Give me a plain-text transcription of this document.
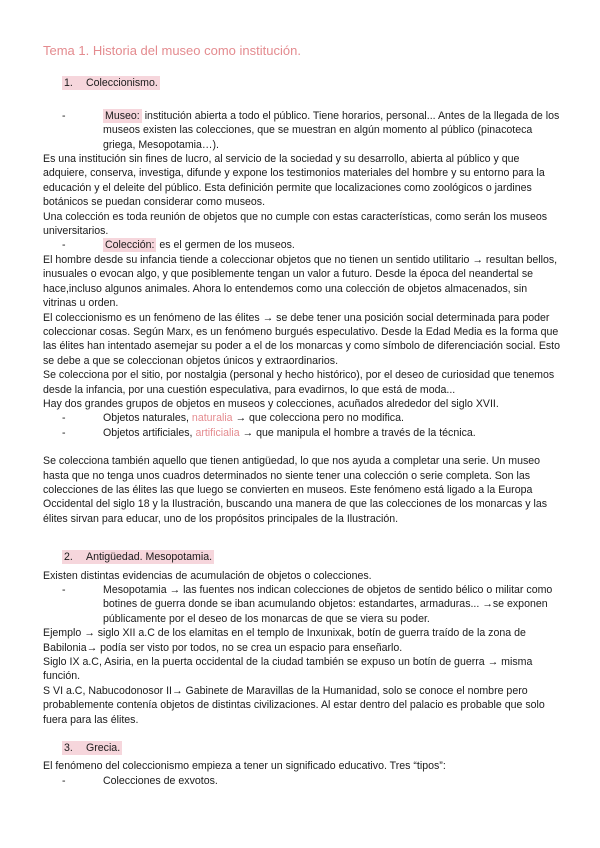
Tema 1. Historia del museo como institución.
1. Coleccionismo.
-	Museo: institución abierta a todo el público. Tiene horarios, personal... Antes de la llegada de los museos existen las colecciones, que se muestran en algún momento al público (pinacoteca griega, Mesopotamia…).

Es una institución sin fines de lucro, al servicio de la sociedad y su desarrollo, abierta al público y que adquiere, conserva, investiga, difunde y expone los testimonios materiales del hombre y su entorno para la educación y el deleite del público. Esta definición permite que localizaciones como zoológicos o jardines botánicos se puedan considerar como museos.

Una colección es toda reunión de objetos que no cumple con estas características, como serán los museos universitarios.

-	Colección: es el germen de los museos.

El hombre desde su infancia tiende a coleccionar objetos que no tienen un sentido utilitario → resultan bellos, inusuales o evocan algo, y que posiblemente tengan un valor a futuro. Desde la época del neandertal se hace,incluso algunos animales. Ahora lo entendemos como una colección de objetos almacenados, sin vitrinas u orden.

El coleccionismo es un fenómeno de las élites → se debe tener una posición social determinada para poder coleccionar cosas. Según Marx, es un fenómeno burgués especulativo. Desde la Edad Media es la forma que las élites han intentado asemejar su poder a el de los monarcas y como símbolo de diferenciación social. Esto se debe a que se coleccionan objetos únicos y extraordinarios.

Se colecciona por el sitio, por nostalgia (personal y hecho histórico), por el deseo de curiosidad que tenemos desde la infancia, por una cuestión especulativa, para evadirnos, lo que está de moda...

Hay dos grandes grupos de objetos en museos y colecciones, acuñados alrededor del siglo XVII.

-	Objetos naturales, naturalia → que colecciona pero no modifica.
-	Objetos artificiales, artificialia → que manipula el hombre a través de la técnica.

Se colecciona también aquello que tienen antigüedad, lo que nos ayuda a completar una serie. Un museo hasta que no tenga unos cuadros determinados no siente tener una colección o serie completa. Son las colecciones de las élites las que luego se convierten en museos. Este fenómeno está ligado a la Europa Occidental del siglo 18 y la Ilustración, buscando una manera de que las colecciones de los monarcas y las élites sirvan para educar, uno de los propósitos principales de la Ilustración.

2. Antigüedad. Mesopotamia.

Existen distintas evidencias de acumulación de objetos o colecciones.

-	Mesopotamia → las fuentes nos indican colecciones de objetos de sentido bélico o militar como botines de guerra donde se iban acumulando objetos: estandartes, armaduras... →se exponen públicamente por el deseo de los monarcas de que se viera su poder.

Ejemplo → siglo XII a.C de los elamitas en el templo de Inxunixak, botín de guerra traído de la zona de Babilonia→ podía ser visto por todos, no se crea un espacio para enseñarlo.

Siglo IX a.C, Asiria, en la puerta occidental de la ciudad también se expuso un botín de guerra → misma función.

S VI a.C, Nabucodonosor II→ Gabinete de Maravillas de la Humanidad, solo se conoce el nombre pero probablemente contenía objetos de distintas civilizaciones. Al estar dentro del palacio es probable que solo fuera para las élites.

3. Grecia.

El fenómeno del coleccionismo empieza a tener un significado educativo. Tres “tipos”:

-	Colecciones de exvotos.
